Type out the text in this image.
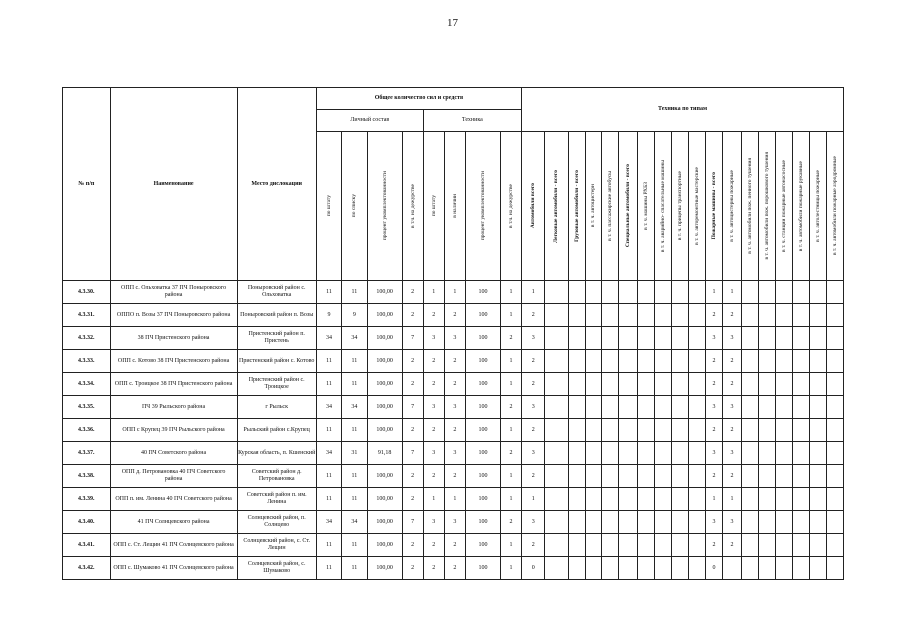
17
№ п/п	Наименование	Место дислокации	Общее количество сил и средств								Техника по типам																	
			Личный состав				Техника																					

			по штату	по списку	процент укомплектованности	в т.ч. на дежурстве	по штату	в наличии	процент укомплектованности	в т.ч. на дежурстве	Автомобили всего	Легковые автомобили - всего	Грузовые автомобили - всего	в т. ч. автоцистерн	в т. ч. пассажирские автобусы	Специальные автомобили - всего	в т. ч. машины РХБЗ	в т. ч. аварийно- спасательные машины	в т. ч. прицепы транспортные	в т. ч. авторемонтные мастерские	Пожарные машины - всего	в т. ч. автоцистерны пожарные	в т. ч. автомобили пож. пенного тушения	в т. ч. автомобили пож. порошкового тушения	в т. ч. станции пожарные автонасосные	в т. ч. автомобили пожарные рукавные	в т. ч. автолестницы пожарные	в т. ч. автомобили пожарные аэродромные

4.3.30.	ОПП с. Ольховатка 37 ПЧ Поныровского района	Поныровский район с. Ольховатка	11	11	100,00	2	1	1	100	1	1										1	1						
4.3.31.	ОППО п. Возы 37 ПЧ Поныровского района	Поныровский район п. Возы	9	9	100,00	2	2	2	100	1	2										2	2						
4.3.32.	38 ПЧ Пристенского района	Пристенский район п. Пристень	34	34	100,00	7	3	3	100	2	3										3	3						
4.3.33.	ОПП с. Котово 38 ПЧ Пристенского района	Пристенский район с. Котово	11	11	100,00	2	2	2	100	1	2										2	2						
4.3.34.	ОПП с. Троицкое 38 ПЧ Пристенского района	Пристенский район с. Троицкое	11	11	100,00	2	2	2	100	1	2										2	2						
4.3.35.	ПЧ 39 Рыльского района	г Рыльск	34	34	100,00	7	3	3	100	2	3										3	3						
4.3.36.	ОПП с Крупец 39 ПЧ Рыльского района	Рыльский район с.Крупец	11	11	100,00	2	2	2	100	1	2										2	2						
4.3.37.	40 ПЧ Советского района	Курская область, п. Кшенский	34	31	91,18	7	3	3	100	2	3										3	3						
4.3.38.	ОПП д. Петровановка 40 ПЧ Советского района	Советский район д. Петровановка	11	11	100,00	2	2	2	100	1	2										2	2						
4.3.39.	ОПП п. им. Ленина 40 ПЧ Советского района	Советский район п. им. Ленина	11	11	100,00	2	1	1	100	1	1										1	1						
4.3.40.	41 ПЧ Солнцевского района	Солнцевский район, п. Солнцево	34	34	100,00	7	3	3	100	2	3										3	3						
4.3.41.	ОПП с. Ст. Лещин 41 ПЧ Солнцевского района	Солнцевский район, с. Ст. Лещин	11	11	100,00	2	2	2	100	1	2										2	2						
4.3.42.	ОПП с. Шумаково 41 ПЧ Солнцевского района	Солнцевский район, с. Шумаково	11	11	100,00	2	2	2	100	1	0										0							
